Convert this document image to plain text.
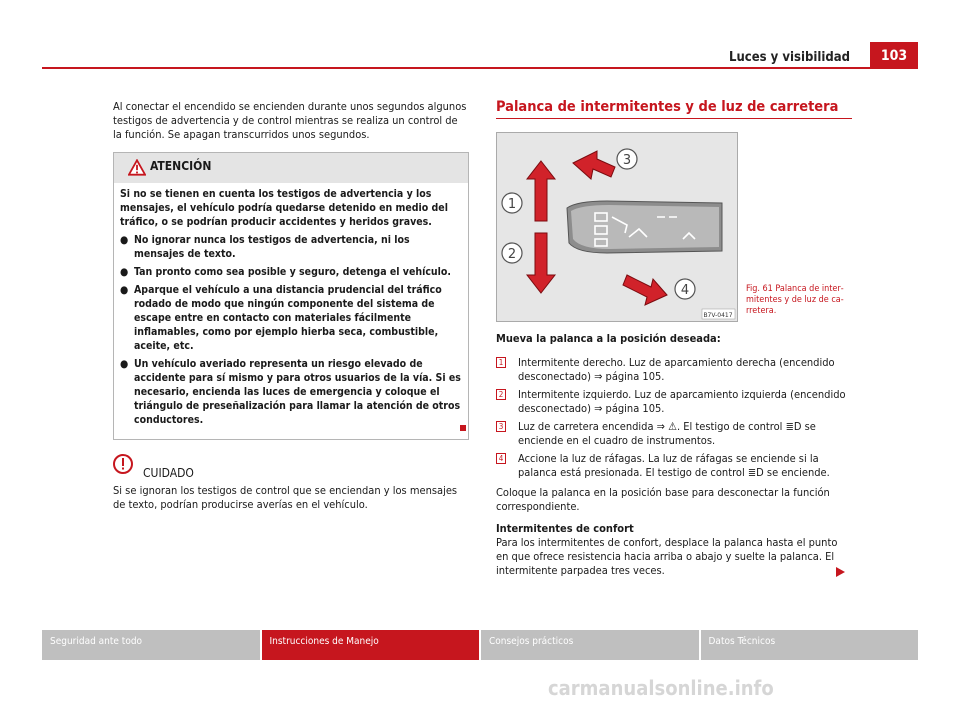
Luces y visibilidad	103

Al conectar el encendido se encienden durante unos segundos algunos testigos de advertencia y de control mientras se realiza un control de la función. Se apagan transcurridos unos segundos.

ATENCIÓN

Si no se tienen en cuenta los testigos de advertencia y los mensajes, el vehículo podría quedarse detenido en medio del tráfico, o se podrían producir accidentes y heridos graves.

● No ignorar nunca los testigos de advertencia, ni los mensajes de texto.
● Tan pronto como sea posible y seguro, detenga el vehículo.
● Aparque el vehículo a una distancia prudencial del tráfico rodado de modo que ningún componente del sistema de escape entre en contacto con materiales fácilmente inflamables, como por ejemplo hierba seca, combustible, aceite, etc.
● Un vehículo averiado representa un riesgo elevado de accidente para sí mismo y para otros usuarios de la vía. Si es necesario, encienda las luces de emergencia y coloque el triángulo de preseñalización para llamar la atención de otros conductores.
CUIDADO

Si se ignoran los testigos de control que se enciendan y los mensajes de texto, podrían producirse averías en el vehículo.

Palanca de intermitentes y de luz de carretera
1
2
3
4
B7V-0417
Fig. 61 Palanca de intermitentes y de luz de carretera.

Mueva la palanca a la posición deseada:

1 Intermitente derecho. Luz de aparcamiento derecha (encendido desconectado) ⇒ página 105.
2 Intermitente izquierdo. Luz de aparcamiento izquierda (encendido desconectado) ⇒ página 105.
3 Luz de carretera encendida ⇒ ⚠. El testigo de control ≣D se enciende en el cuadro de instrumentos.
4 Accione la luz de ráfagas. La luz de ráfagas se enciende si la palanca está presionada. El testigo de control ≣D se enciende.

Coloque la palanca en la posición base para desconectar la función correspondiente.

Intermitentes de confort

Para los intermitentes de confort, desplace la palanca hasta el punto en que ofrece resistencia hacia arriba o abajo y suelte la palanca. El intermitente parpadea tres veces.

Seguridad ante todo	Instrucciones de Manejo	Consejos prácticos	Datos Técnicos
carmanualsonline.info
